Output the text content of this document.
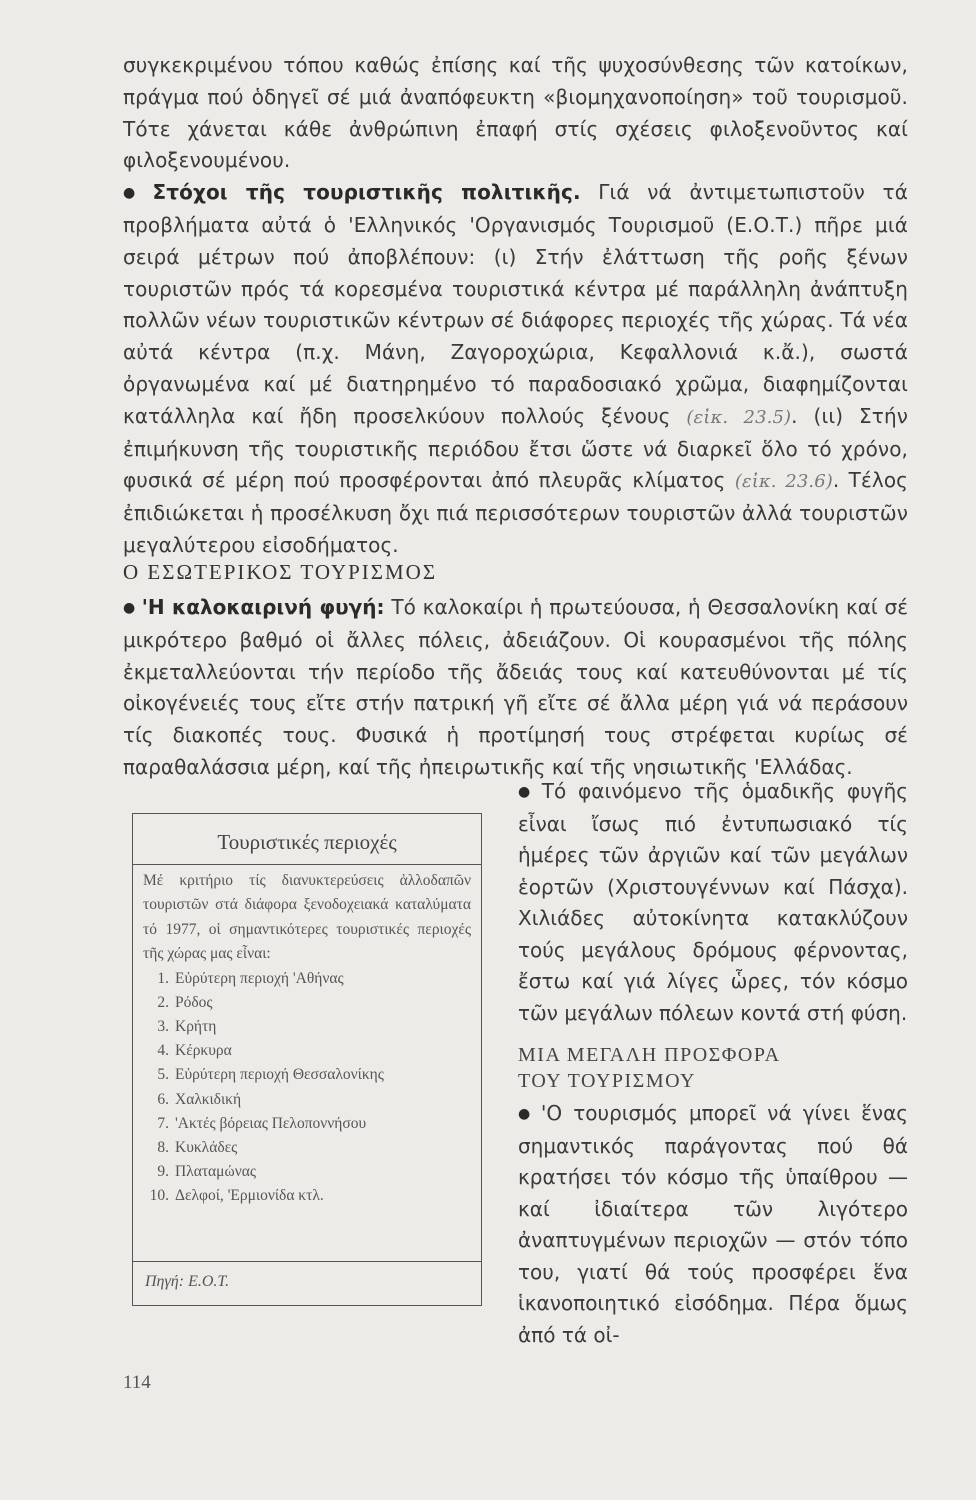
συγκεκριμένου τόπου καθώς ἐπίσης καί τῆς ψυχοσύνθεσης τῶν κατοίκων, πράγμα πού ὁδηγεῖ σέ μιά ἀναπόφευκτη «βιομηχανοποίηση» τοῦ τουρισμοῦ. Τότε χάνεται κάθε ἀνθρώπινη ἐπαφή στίς σχέσεις φιλοξενοῦντος καί φιλοξενουμένου.
● Στόχοι τῆς τουριστικῆς πολιτικῆς. Γιά νά ἀντιμετωπιστοῦν τά προβλήματα αὐτά ὁ 'Ελληνικός 'Οργανισμός Τουρισμοῦ (Ε.Ο.Τ.) πῆρε μιά σειρά μέτρων πού ἀποβλέπουν: (ι) Στήν ἐλάττωση τῆς ροῆς ξένων τουριστῶν πρός τά κορεσμένα τουριστικά κέντρα μέ παράλληλη ἀνάπτυξη πολλῶν νέων τουριστικῶν κέντρων σέ διάφορες περιοχές τῆς χώρας. Τά νέα αὐτά κέντρα (π.χ. Μάνη, Ζαγοροχώρια, Κεφαλλονιά κ.ἄ.), σωστά ὀργανωμένα καί μέ διατηρημένο τό παραδοσιακό χρῶμα, διαφημίζονται κατάλληλα καί ἤδη προσελκύουν πολλούς ξένους (εἰκ. 23.5). (ιι) Στήν ἐπιμήκυνση τῆς τουριστικῆς περιόδου ἔτσι ὥστε νά διαρκεῖ ὅλο τό χρόνο, φυσικά σέ μέρη πού προσφέρονται ἀπό πλευρᾶς κλίματος (εἰκ. 23.6). Τέλος ἐπιδιώκεται ἡ προσέλκυση ὄχι πιά περισσότερων τουριστῶν ἀλλά τουριστῶν μεγαλύτερου εἰσοδήματος.

Ο ΕΣΩΤΕΡΙΚΟΣ ΤΟΥΡΙΣΜΟΣ

● 'Η καλοκαιρινή φυγή: Τό καλοκαίρι ἡ πρωτεύουσα, ἡ Θεσσαλονίκη καί σέ μικρότερο βαθμό οἱ ἄλλες πόλεις, ἀδειάζουν. Οἱ κουρασμένοι τῆς πόλης ἐκμεταλλεύονται τήν περίοδο τῆς ἄδειάς τους καί κατευθύνονται μέ τίς οἰκογένειές τους εἴτε στήν πατρική γῆ εἴτε σέ ἄλλα μέρη γιά νά περάσουν τίς διακοπές τους. Φυσικά ἡ προτίμησή τους στρέφεται κυρίως σέ παραθαλάσσια μέρη, καί τῆς ἠπειρωτικῆς καί τῆς νησιωτικῆς 'Ελλάδας.

● Τό φαινόμενο τῆς ὁμαδικῆς φυγῆς εἶναι ἴσως πιό ἐντυπωσιακό τίς ἡμέρες τῶν ἀργιῶν καί τῶν μεγάλων ἑορτῶν (Χριστουγέννων καί Πάσχα). Χιλιάδες αὐτοκίνητα κατακλύζουν τούς μεγάλους δρόμους φέρνοντας, ἔστω καί γιά λίγες ὧρες, τόν κόσμο τῶν μεγάλων πόλεων κοντά στή φύση.

ΜΙΑ ΜΕΓΑΛΗ ΠΡΟΣΦΟΡΑ
ΤΟΥ ΤΟΥΡΙΣΜΟΥ

● 'Ο τουρισμός μπορεῖ νά γίνει ἕνας σημαντικός παράγοντας πού θά κρατήσει τόν κόσμο τῆς ὑπαίθρου — καί ἰδιαίτερα τῶν λιγότερο ἀναπτυγμένων περιοχῶν — στόν τόπο του, γιατί θά τούς προσφέρει ἕνα ἱκανοποιητικό εἰσόδημα. Πέρα ὅμως ἀπό τά οἰ-

Τουριστικές περιοχές
Μέ κριτήριο τίς διανυκτερεύσεις ἀλλοδαπῶν τουριστῶν στά διάφορα ξενοδοχειακά καταλύματα τό 1977, οἱ σημαντικότερες τουριστικές περιοχές τῆς χώρας μας εἶναι:
1. Εὐρύτερη περιοχή 'Αθήνας
2. Ρόδος
3. Κρήτη
4. Κέρκυρα
5. Εὐρύτερη περιοχή Θεσσαλονίκης
6. Χαλκιδική
7. 'Ακτές βόρειας Πελοποννήσου
8. Κυκλάδες
9. Πλαταμώνας
10. Δελφοί, 'Ερμιονίδα κτλ.
Πηγή: Ε.Ο.Τ.
114
